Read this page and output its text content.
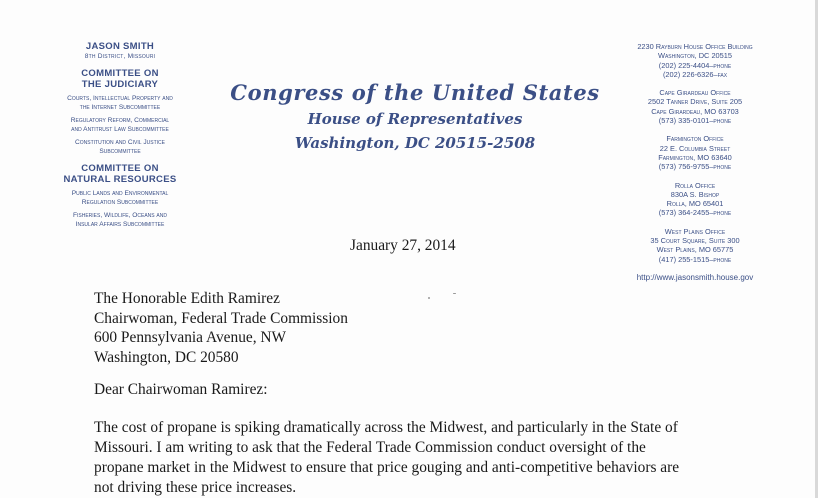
JASON SMITH
8th District, Missouri
COMMITTEE ON
THE JUDICIARY
Courts, Intellectual Property and
the Internet Subcommittee
Regulatory Reform, Commercial
and Antitrust Law Subcommittee
Constitution and Civil Justice
Subcommittee
COMMITTEE ON
NATURAL RESOURCES
Public Lands and Environmental
Regulation Subcommittee
Fisheries, Wildlife, Oceans and
Insular Affairs Subcommittee
Congress of the United States
House of Representatives
Washington, DC 20515-2508
2230 Rayburn House Office Building
Washington, DC 20515
(202) 225-4404–phone
(202) 226-6326–fax
Cape Girardeau Office
2502 Tanner Drive, Suite 205
Cape Girardeau, MO 63703
(573) 335-0101–phone
Farmington Office
22 E. Columbia Street
Farmington, MO 63640
(573) 756-9755–phone
Rolla Office
830A S. Bishop
Rolla, MO 65401
(573) 364-2455–phone
West Plains Office
35 Court Square, Suite 300
West Plains, MO 65775
(417) 255-1515–phone
http://www.jasonsmith.house.gov
January 27, 2014
The Honorable Edith Ramirez
Chairwoman, Federal Trade Commission
600 Pennsylvania Avenue, NW
Washington, DC 20580
Dear Chairwoman Ramirez:
The cost of propane is spiking dramatically across the Midwest, and particularly in the State of
Missouri. I am writing to ask that the Federal Trade Commission conduct oversight of the
propane market in the Midwest to ensure that price gouging and anti-competitive behaviors are
not driving these price increases.
